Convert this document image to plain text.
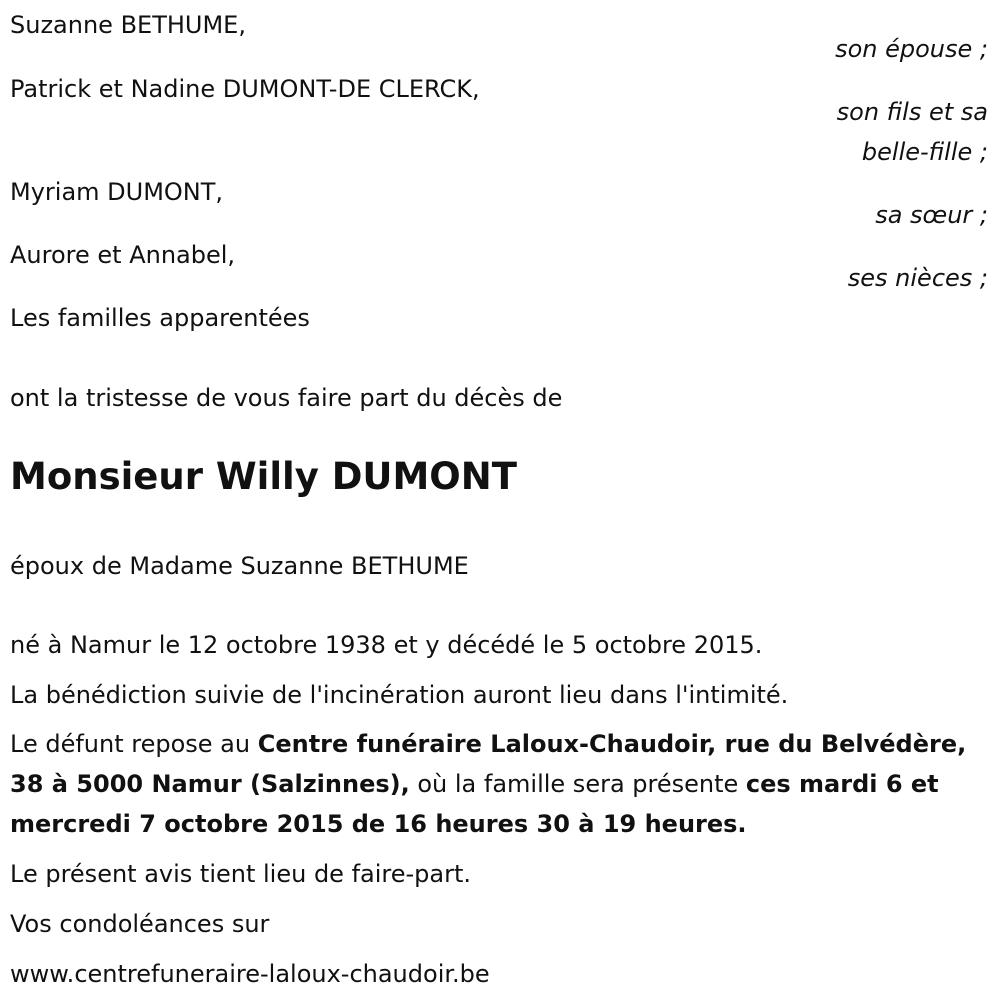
Suzanne BETHUME,
son épouse ;
Patrick et Nadine DUMONT-DE CLERCK,
son fils et sa
belle-fille ;
Myriam DUMONT,
sa sœur ;
Aurore et Annabel,
ses nièces ;
Les familles apparentées
ont la tristesse de vous faire part du décès de
Monsieur Willy DUMONT
époux de Madame Suzanne BETHUME
né à Namur le 12 octobre 1938 et y décédé le 5 octobre 2015.
La bénédiction suivie de l'incinération auront lieu dans l'intimité.
Le défunt repose au Centre funéraire Laloux-Chaudoir, rue du Belvédère, 38 à 5000 Namur (Salzinnes), où la famille sera présente ces mardi 6 et mercredi 7 octobre 2015 de 16 heures 30 à 19 heures.
Le présent avis tient lieu de faire-part.
Vos condoléances sur
www.centrefuneraire-laloux-chaudoir.be
